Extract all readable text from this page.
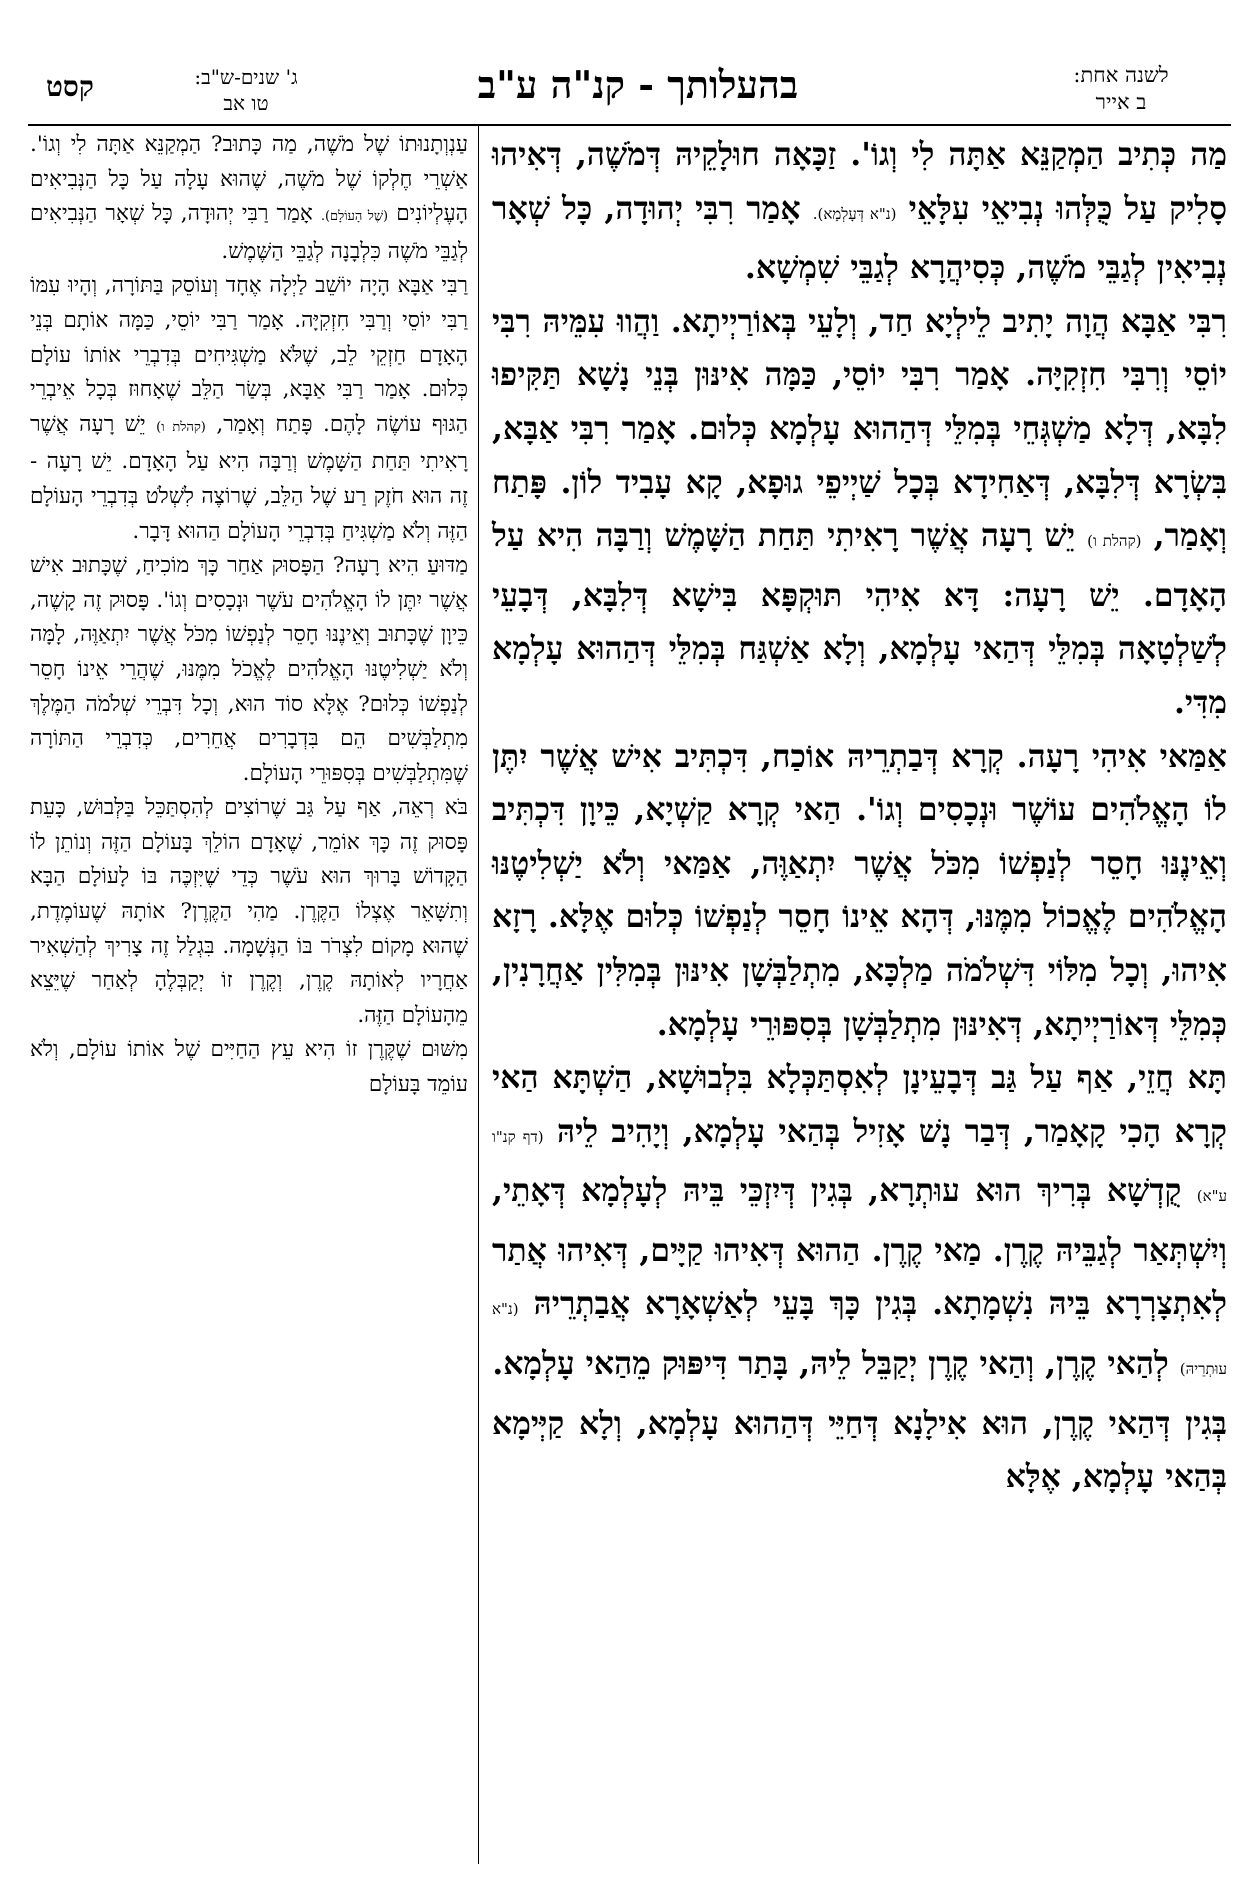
קסט	ג' שנים-ש"ב:
טו אב	בהעלותך - קנ"ה ע"ב	לשנה אחת:
ב אייר

מַה כְּתִיב הַמְקַנֵּא אַתָּה לִי וְגוֹ'. זַכָּאָה חוּלָקֵיהּ דְּמֹשֶׁה, דְּאִיהוּ סָלִיק עַל כֻּלְּהוּ נְבִיאֵי עִלָּאֵי (נ"א דְּעָלְמָא). אָמַר רִבִּי יְהוּדָה, כָּל שְׁאָר נְבִיאִין לְגַבֵּי מֹשֶׁה, כְּסִיהֲרָא לְגַבֵּי שִׁמְשָׁא.

רִבִּי אַבָּא הֲוָה יָתִיב לֵילְיָא חַד, וְלָעֵי בְּאוֹרַיְיתָא. וַהֲווּ עִמֵּיהּ רִבִּי יוֹסֵי וְרִבִּי חִזְקִיָּה. אָמַר רִבִּי יוֹסֵי, כַּמָּה אִינּוּן בְּנֵי נָשָׁא תַּקִּיפוּ לִבָּא, דְּלָא מַשְׁגְּחֵי בְּמִלֵּי דְּהַהוּא עָלְמָא כְּלוּם. אָמַר רִבִּי אַבָּא, בִּשְׂרָא דְּלִבָּא, דְּאַחִידָא בְּכָל שַׁיְיפֵי גוּפָא, קָא עָבִיד לוֹן. פָּתַח וְאָמַר, (קהלת ו) יֵשׁ רָעָה אֲשֶׁר רָאִיתִי תַּחַת הַשָּׁמֶשׁ וְרַבָּה הִיא עַל הָאָדָם. יֵשׁ רָעָה: דָּא אִיהִי תּוּקְפָּא בִּישָׁא דְּלִבָּא, דְּבָעֵי לְשַׁלְטָאָה בְּמִלֵּי דְּהַאי עָלְמָא, וְלָא אַשְׁגַּח בְּמִלֵּי דְּהַהוּא עָלְמָא מִדִּי.

אַמַּאי אִיהִי רָעָה. קְרָא דְּבַתְרֵיהּ אוֹכַח, דִּכְתִּיב אִישׁ אֲשֶׁר יִתֶּן לוֹ הָאֱלֹהִים עוֹשֶׁר וּנְכָסִים וְגוֹ'. הַאי קְרָא קַשְׁיָא, כֵּיוָן דִּכְתִּיב וְאֵינֶנּוּ חָסֵר לְנַפְשׁוֹ מִכֹּל אֲשֶׁר יִתְאַוֶּה, אַמַּאי וְלֹא יַשְׁלִיטֶנּוּ הָאֱלֹהִים לֶאֱכוֹל מִמֶּנּוּ, דְּהָא אֵינוֹ חָסֵר לְנַפְשׁוֹ כְּלוּם אֶלָּא. רָזָא אִיהוּ, וְכָל מִלּוֹי דִּשְׁלֹמֹה מַלְכָּא, מִתְלַבְּשָׁן אִינּוּן בְּמִלִּין אַחֲרָנִין, כְּמִלֵּי דְּאוֹרַיְיתָא, דְּאִינּוּן מִתְלַבְּשָׁן בְּסִפּוּרֵי עָלְמָא.

תָּא חֲזֵי, אַף עַל גַּב דְּבָעֵינָן לְאִסְתַּכְּלָא בִּלְבוּשָׁא, הַשְׁתָּא הַאי קְרָא הָכִי קָאָמַר, דְּבַר נָשׁ אָזִיל בְּהַאי עָלְמָא, וְיָהִיב לֵיהּ (דף קנ"ו ע"א) קֻדְשָׁא בְּרִיךְ הוּא עוּתְרָא, בְּגִין דְּיִזְכֵּי בֵּיהּ לְעָלְמָא דְּאָתֵי, וְיִשְׁתְּאַר לְגַבֵּיהּ קֶרֶן. מַאי קֶרֶן. הַהוּא דְּאִיהוּ קַיָּים, דְּאִיהוּ אֲתַר לְאִתְצָרְרָא בֵּיהּ נִשְׁמָתָא. בְּגִין כָּךְ בָּעֵי לְאַשְׁאָרָא אֲבַתְרֵיהּ (נ"א עוּתְרֵיהּ) לְהַאי קֶרֶן, וְהַאי קֶרֶן יְקַבֵּל לֵיהּ, בָּתַר דִּיפּוּק מֵהַאי עָלְמָא.

בְּגִין דְּהַאי קֶרֶן, הוּא אִילָנָא דְּחַיֵּי דְּהַהוּא עָלְמָא, וְלָא קַיְּימָא בְּהַאי עָלְמָא, אֶלָּא

עַנְוְתָנוּתוֹ שֶׁל מֹשֶׁה, מַה כָּתוּב? הַמְקַנֵּא אַתָּה לִי וְגוֹ'. אַשְׁרֵי חֶלְקוֹ שֶׁל מֹשֶׁה, שֶׁהוּא עָלָה עַל כָּל הַנְּבִיאִים הָעֶלְיוֹנִים (שֶׁל הָעוֹלָם). אָמַר רַבִּי יְהוּדָה, כָּל שְׁאָר הַנְּבִיאִים לְגַבֵּי מֹשֶׁה כִּלְבָנָה לְגַבֵּי הַשֶּׁמֶשׁ.

רַבִּי אַבָּא הָיָה יוֹשֵׁב לַיְלָה אֶחָד וְעוֹסֵק בַּתּוֹרָה, וְהָיוּ עִמּוֹ רַבִּי יוֹסֵי וְרַבִּי חִזְקִיָּה. אָמַר רַבִּי יוֹסֵי, כַּמָּה אוֹתָם בְּנֵי הָאָדָם חַזְקֵי לֵב, שֶׁלֹּא מַשְׁגִּיחִים בְּדִבְרֵי אוֹתוֹ עוֹלָם כְּלוּם. אָמַר רַבִּי אַבָּא, בְּשַׂר הַלֵּב שֶׁאָחוּז בְּכָל אֵיבְרֵי הַגּוּף עוֹשֶׂה לָהֶם. פָּתַח וְאָמַר, (קהלת ו) יֵשׁ רָעָה אֲשֶׁר רָאִיתִי תַּחַת הַשָּׁמֶשׁ וְרַבָּה הִיא עַל הָאָדָם. יֵשׁ רָעָה - זֶה הוּא חֹזֶק רַע שֶׁל הַלֵּב, שֶׁרוֹצֶה לִשְׁלֹט בְּדִבְרֵי הָעוֹלָם הַזֶּה וְלֹא מַשְׁגִּיחַ בְּדִבְרֵי הָעוֹלָם הַהוּא דָּבָר.

מַדּוּעַ הִיא רָעָה? הַפָּסוּק אַחַר כָּךְ מוֹכִיחַ, שֶׁכָּתוּב אִישׁ אֲשֶׁר יִתֶּן לוֹ הָאֱלֹהִים עֹשֶׁר וּנְכָסִים וְגוֹ'. פָּסוּק זֶה קָשֶׁה, כֵּיוָן שֶׁכָּתוּב וְאֵינֶנּוּ חָסֵר לְנַפְשׁוֹ מִכֹּל אֲשֶׁר יִתְאַוֶּה, לָמָּה וְלֹא יַשְׁלִיטֶנּוּ הָאֱלֹהִים לֶאֱכֹל מִמֶּנּוּ, שֶׁהֲרֵי אֵינוֹ חָסֵר לְנַפְשׁוֹ כְּלוּם? אֶלָּא סוֹד הוּא, וְכָל דִּבְרֵי שְׁלֹמֹה הַמֶּלֶךְ מִתְלַבְּשִׁים הֵם בִּדְבָרִים אֲחֵרִים, כְּדִבְרֵי הַתּוֹרָה שֶׁמִּתְלַבְּשִׁים בְּסִפּוּרֵי הָעוֹלָם.

בֹּא רְאֵה, אַף עַל גַּב שֶׁרוֹצִים לְהִסְתַּכֵּל בַּלְּבוּשׁ, כָּעֵת פָּסוּק זֶה כָּךְ אוֹמֵר, שֶׁאָדָם הוֹלֵךְ בָּעוֹלָם הַזֶּה וְנוֹתֵן לוֹ הַקָּדוֹשׁ בָּרוּךְ הוּא עֹשֶׁר כְּדֵי שֶׁיִּזְכֶּה בּוֹ לָעוֹלָם הַבָּא וְתִשָּׁאֵר אֶצְלוֹ הַקֶּרֶן. מַהִי הַקֶּרֶן? אוֹתָהּ שֶׁעוֹמֶדֶת, שֶׁהוּא מָקוֹם לִצְרֹר בּוֹ הַנְּשָׁמָה. בִּגְלַל זֶה צָרִיךְ לְהַשְׁאִיר אַחֲרָיו לְאוֹתָהּ קֶרֶן, וְקֶרֶן זוֹ יְקַבְּלֶהָ לְאַחַר שֶׁיֵּצֵא מֵהָעוֹלָם הַזֶּה.

מִשּׁוּם שֶׁקֶּרֶן זוֹ הִיא עֵץ הַחַיִּים שֶׁל אוֹתוֹ עוֹלָם, וְלֹא עוֹמֵד בָּעוֹלָם
